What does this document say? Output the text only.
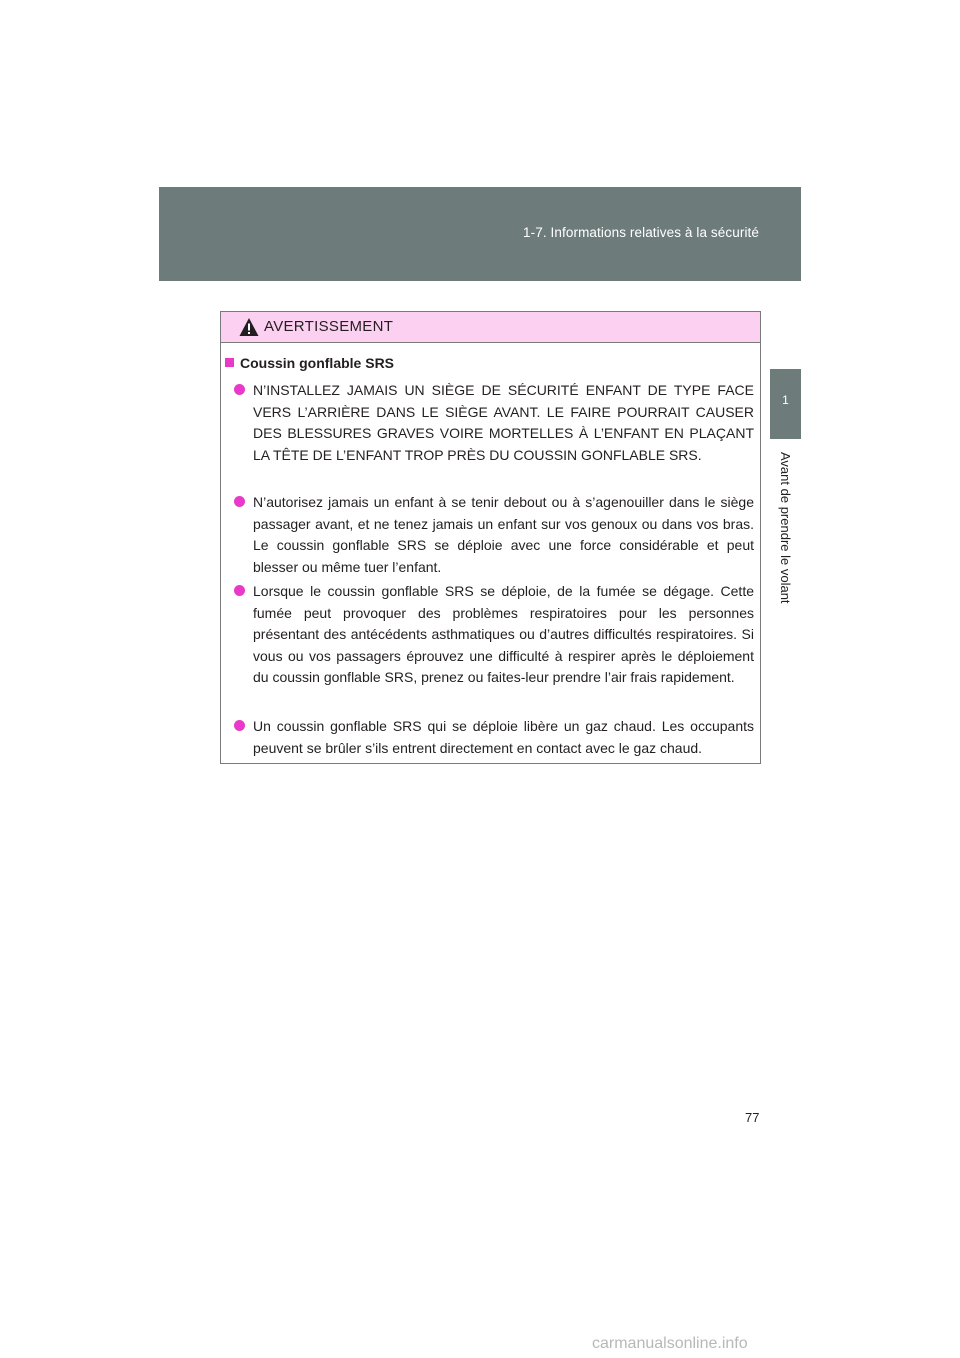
1-7. Informations relatives à la sécurité
1
Avant de prendre le volant
AVERTISSEMENT
Coussin gonflable SRS
N’INSTALLEZ JAMAIS UN SIÈGE DE SÉCURITÉ ENFANT DE TYPE FACE VERS L’ARRIÈRE DANS LE SIÈGE AVANT. LE FAIRE POURRAIT CAUSER DES BLESSURES GRAVES VOIRE MORTELLES À L’ENFANT EN PLAÇANT LA TÊTE DE L’ENFANT TROP PRÈS DU COUSSIN GONFLABLE SRS.
N’autorisez jamais un enfant à se tenir debout ou à s’agenouiller dans le siège passager avant, et ne tenez jamais un enfant sur vos genoux ou dans vos bras. Le coussin gonflable SRS se déploie avec une force considérable et peut blesser ou même tuer l’enfant.
Lorsque le coussin gonflable SRS se déploie, de la fumée se dégage. Cette fumée peut provoquer des problèmes respiratoires pour les personnes présentant des antécédents asthmatiques ou d’autres difficultés respiratoires. Si vous ou vos passagers éprouvez une difficulté à respirer après le déploiement du coussin gonflable SRS, prenez ou faites-leur prendre l’air frais rapidement.
Un coussin gonflable SRS qui se déploie libère un gaz chaud. Les occupants peuvent se brûler s’ils entrent directement en contact avec le gaz chaud.
77
carmanualsonline.info
